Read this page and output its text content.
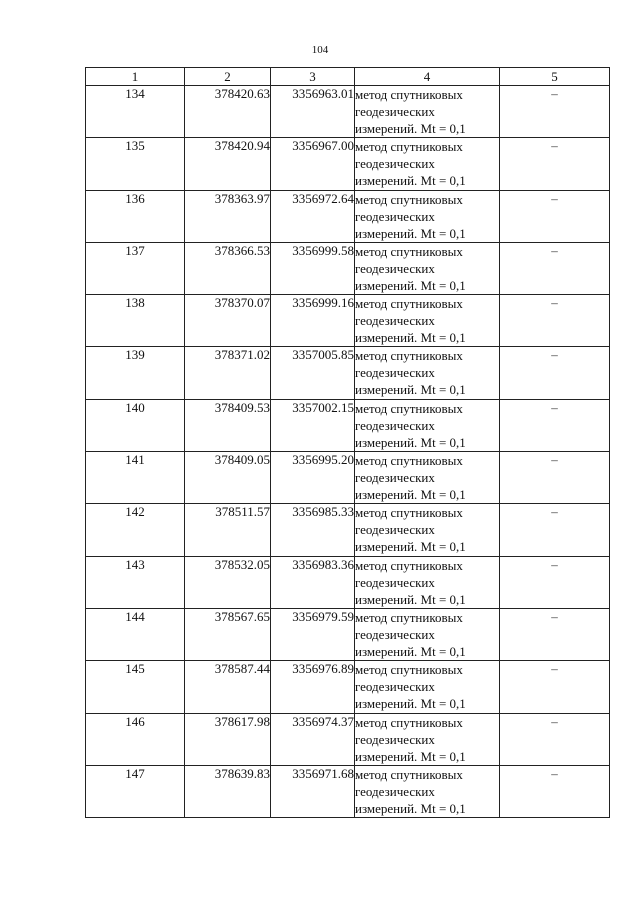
104
1	2	3	4	5
134	378420.63	3356963.01	метод спутниковых
геодезических
измерений. Mt = 0,1	–
135	378420.94	3356967.00	метод спутниковых
геодезических
измерений. Mt = 0,1	–
136	378363.97	3356972.64	метод спутниковых
геодезических
измерений. Mt = 0,1	–
137	378366.53	3356999.58	метод спутниковых
геодезических
измерений. Mt = 0,1	–
138	378370.07	3356999.16	метод спутниковых
геодезических
измерений. Mt = 0,1	–
139	378371.02	3357005.85	метод спутниковых
геодезических
измерений. Mt = 0,1	–
140	378409.53	3357002.15	метод спутниковых
геодезических
измерений. Mt = 0,1	–
141	378409.05	3356995.20	метод спутниковых
геодезических
измерений. Mt = 0,1	–
142	378511.57	3356985.33	метод спутниковых
геодезических
измерений. Mt = 0,1	–
143	378532.05	3356983.36	метод спутниковых
геодезических
измерений. Mt = 0,1	–
144	378567.65	3356979.59	метод спутниковых
геодезических
измерений. Mt = 0,1	–
145	378587.44	3356976.89	метод спутниковых
геодезических
измерений. Mt = 0,1	–
146	378617.98	3356974.37	метод спутниковых
геодезических
измерений. Mt = 0,1	–
147	378639.83	3356971.68	метод спутниковых
геодезических
измерений. Mt = 0,1	–
